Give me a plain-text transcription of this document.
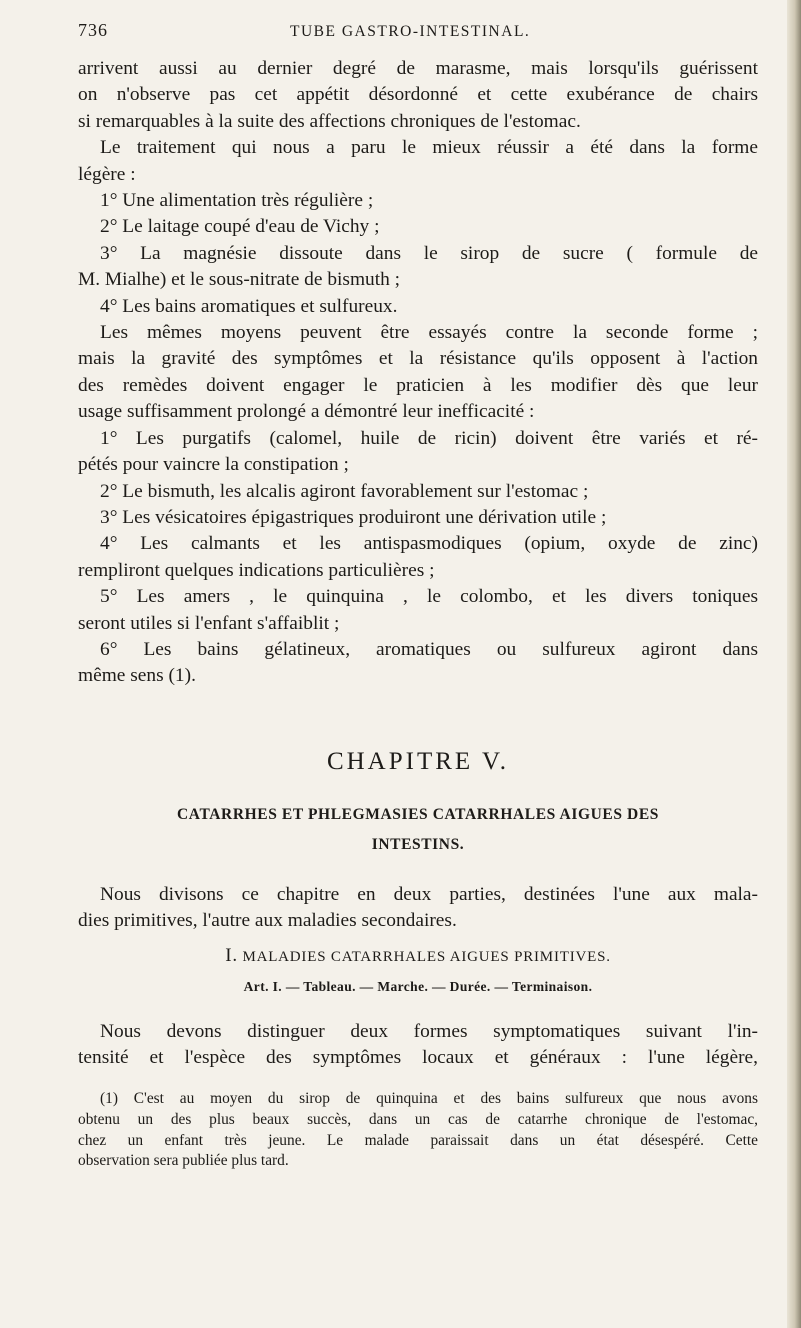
736	TUBE GASTRO-INTESTINAL.

arrivent aussi au dernier degré de marasme, mais lorsqu'ils guérissent

on n'observe pas cet appétit désordonné et cette exubérance de chairs

si remarquables à la suite des affections chroniques de l'estomac.

Le traitement qui nous a paru le mieux réussir a été dans la forme

légère :

1° Une alimentation très régulière ;

2° Le laitage coupé d'eau de Vichy ;

3° La magnésie dissoute dans le sirop de sucre ( formule de

M. Mialhe) et le sous-nitrate de bismuth ;

4° Les bains aromatiques et sulfureux.

Les mêmes moyens peuvent être essayés contre la seconde forme ;

mais la gravité des symptômes et la résistance qu'ils opposent à l'action

des remèdes doivent engager le praticien à les modifier dès que leur

usage suffisamment prolongé a démontré leur inefficacité :

1° Les purgatifs (calomel, huile de ricin) doivent être variés et ré-

pétés pour vaincre la constipation ;

2° Le bismuth, les alcalis agiront favorablement sur l'estomac ;

3° Les vésicatoires épigastriques produiront une dérivation utile ;

4° Les calmants et les antispasmodiques (opium, oxyde de zinc)

rempliront quelques indications particulières ;

5° Les amers , le quinquina , le colombo, et les divers toniques

seront utiles si l'enfant s'affaiblit ;

6° Les bains gélatineux, aromatiques ou sulfureux agiront dans

même sens (1).

CHAPITRE V.
CATARRHES ET PHLEGMASIES CATARRHALES AIGUES DES
INTESTINS.

Nous divisons ce chapitre en deux parties, destinées l'une aux mala-

dies primitives, l'autre aux maladies secondaires.

I. MALADIES CATARRHALES AIGUES PRIMITIVES.
Art. I. — Tableau. — Marche. — Durée. — Terminaison.

Nous devons distinguer deux formes symptomatiques suivant l'in-

tensité et l'espèce des symptômes locaux et généraux : l'une légère,

(1) C'est au moyen du sirop de quinquina et des bains sulfureux que nous avons

obtenu un des plus beaux succès, dans un cas de catarrhe chronique de l'estomac,

chez un enfant très jeune. Le malade paraissait dans un état désespéré. Cette

observation sera publiée plus tard.
